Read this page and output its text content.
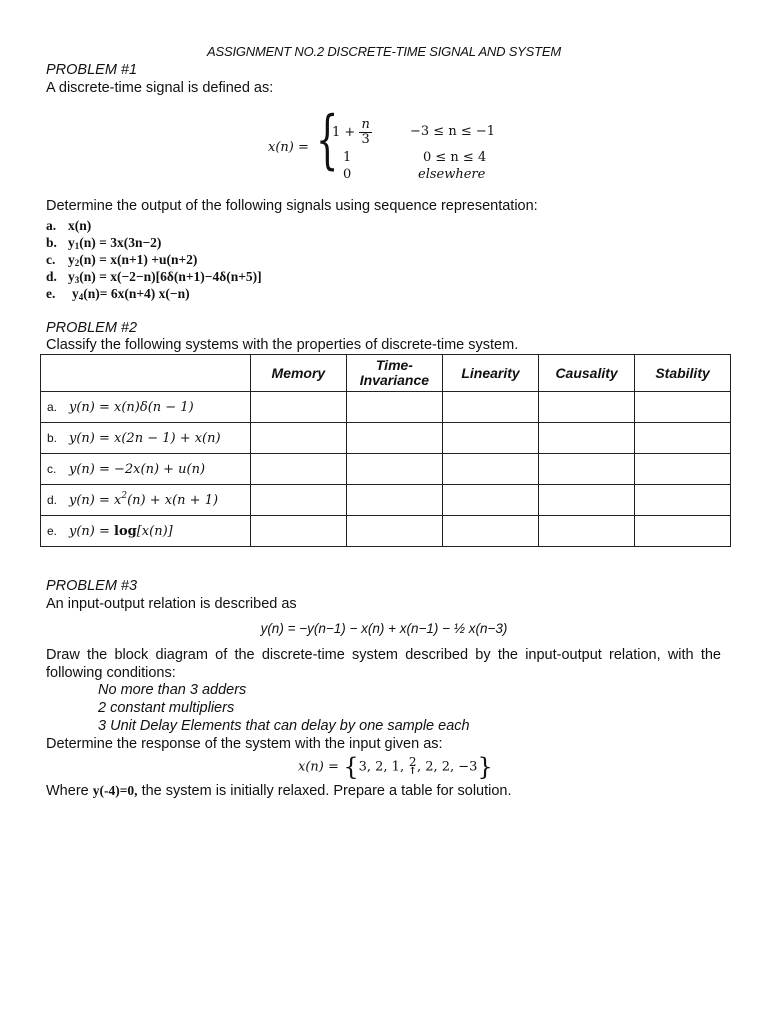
ASSIGNMENT NO.2 DISCRETE-TIME SIGNAL AND SYSTEM
PROBLEM #1
A discrete-time signal is defined as:
x(n) = {
$1 + \frac{n}{3}$	−3 ≤ n ≤ −1
1	0 ≤ n ≤ 4
0	elsewhere
Determine the output of the following signals using sequence representation:
a. x(n)
b. $y_1(n) = 3x(3n-2)$
c. $y_2(n) = x(n+1) +u(n+2)$
d. $y_3(n) = x(-2-n)[6\delta(n+1)-4\delta(n+5)]$
e. $y_4(n)= 6x(n+4)$ x(−n)
PROBLEM #2
Classify the following systems with the properties of discrete-time system.
	Memory	Time-
Invariance	Linearity	Causality	Stability
a. y(n) = x(n)δ(n − 1)					
b. y(n) = x(2n − 1) + x(n)					
c. y(n) = −2x(n) + u(n)					
d. $y(n) = x^2(n) + x(n + 1)$					
e. y(n) = log[x(n)]					
PROBLEM #3
An input-output relation is described as
y(n) = −y(n−1) − x(n) + x(n−1) − ½ x(n−3)
Draw the block diagram of the discrete-time system described by the input-output relation, with the following conditions:
No more than 3 adders
2 constant multipliers
3 Unit Delay Elements that can delay by one sample each
Determine the response of the system with the input given as:
x(n) = {3, 2, 1, 2
↑ , 2, 2, −3}
Where y(-4)=0, the system is initially relaxed. Prepare a table for solution.
